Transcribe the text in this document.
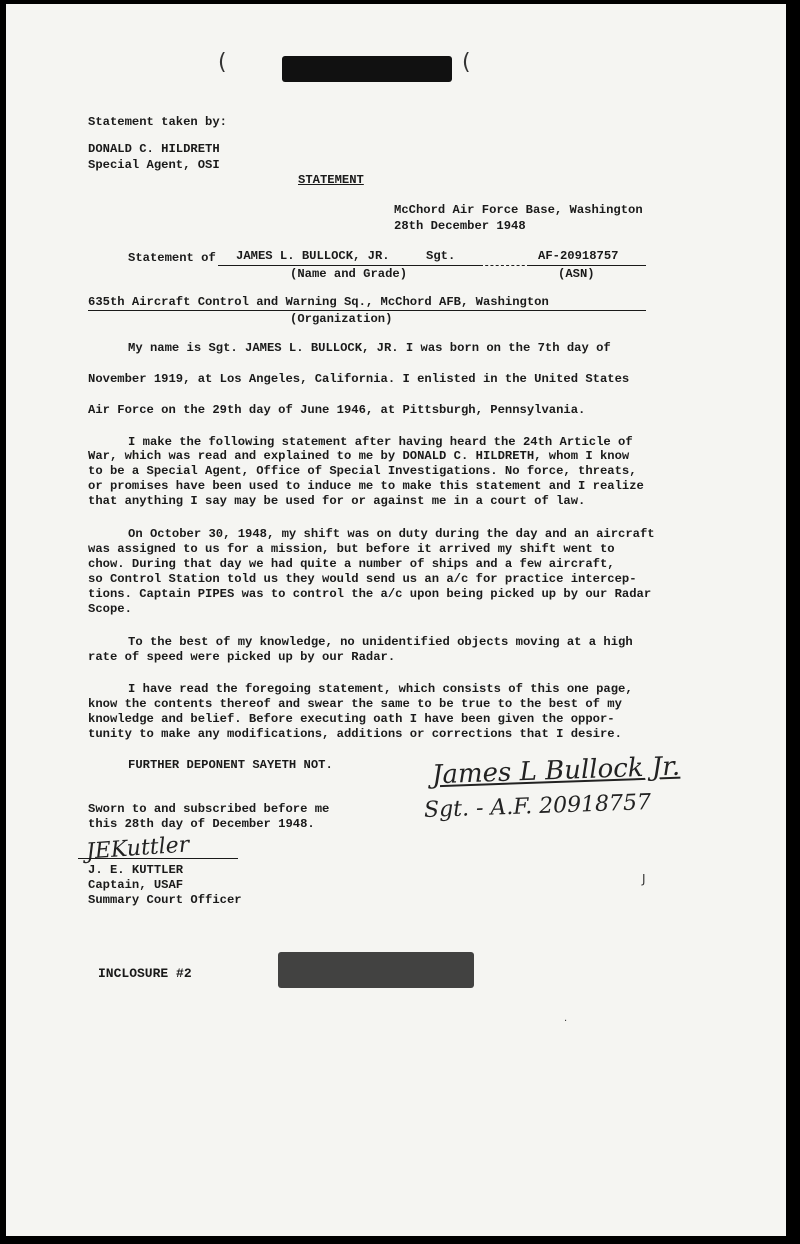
(	(
Statement taken by:
DONALD C. HILDRETH
Special Agent, OSI
STATEMENT
McChord Air Force Base, Washington
28th December 1948
Statement of JAMES L. BULLOCK, JR.	Sgt.	AF-20918757
(Name and Grade)	(ASN)
635th Aircraft Control and Warning Sq., McChord AFB, Washington
(Organization)
My name is Sgt. JAMES L. BULLOCK, JR. I was born on the 7th day of
November 1919, at Los Angeles, California. I enlisted in the United States
Air Force on the 29th day of June 1946, at Pittsburgh, Pennsylvania.
I make the following statement after having heard the 24th Article of
War, which was read and explained to me by DONALD C. HILDRETH, whom I know
to be a Special Agent, Office of Special Investigations. No force, threats,
or promises have been used to induce me to make this statement and I realize
that anything I say may be used for or against me in a court of law.
On October 30, 1948, my shift was on duty during the day and an aircraft
was assigned to us for a mission, but before it arrived my shift went to
chow. During that day we had quite a number of ships and a few aircraft,
so Control Station told us they would send us an a/c for practice intercep-
tions. Captain PIPES was to control the a/c upon being picked up by our Radar
Scope.
To the best of my knowledge, no unidentified objects moving at a high
rate of speed were picked up by our Radar.
I have read the foregoing statement, which consists of this one page,
know the contents thereof and swear the same to be true to the best of my
knowledge and belief. Before executing oath I have been given the oppor-
tunity to make any modifications, additions or corrections that I desire.
FURTHER DEPONENT SAYETH NOT.	James L Bullock Jr.
Sgt. - A.F. 20918757
Sworn to and subscribed before me
this 28th day of December 1948.
JEKuttler
J. E. KUTTLER
Captain, USAF
Summary Court Officer
INCLOSURE #2
J
·
